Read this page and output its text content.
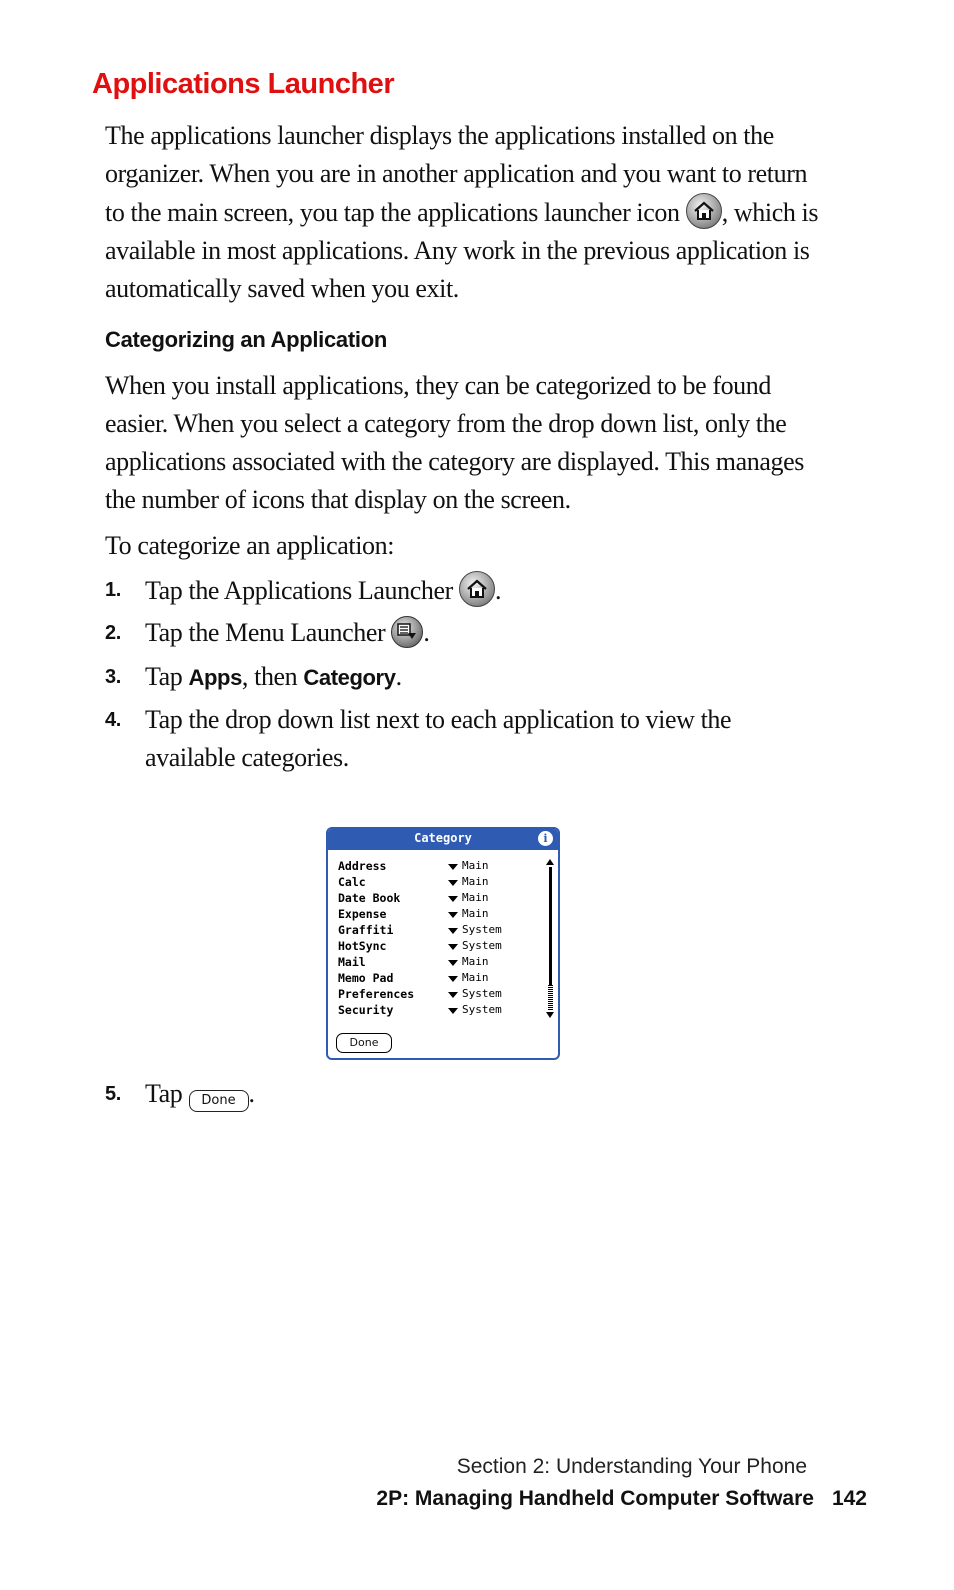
Applications Launcher
The applications launcher displays the applications installed on the organizer. When you are in another application and you want to return to the main screen, you tap the applications launcher icon
, which is available in most applications. Any work in the previous application is automatically saved when you exit.
Categorizing an Application
When you install applications, they can be categorized to be found easier. When you select a category from the drop down list, only the applications associated with the category are displayed. This manages the number of icons that display on the screen.
To categorize an application:
1. Tap the Applications Launcher
.
2. Tap the Menu Launcher
.
3. Tap Apps, then Category.
4. Tap the drop down list next to each application to view the available categories.
Category	i
Address	Main
Calc	Main
Date Book	Main
Expense	Main
Graffiti	System
HotSync	System
Mail	Main
Memo Pad	Main
Preferences	System
Security	System
Done
5. Tap Done .
Section 2: Understanding Your Phone
2P: Managing Handheld Computer Software 142
